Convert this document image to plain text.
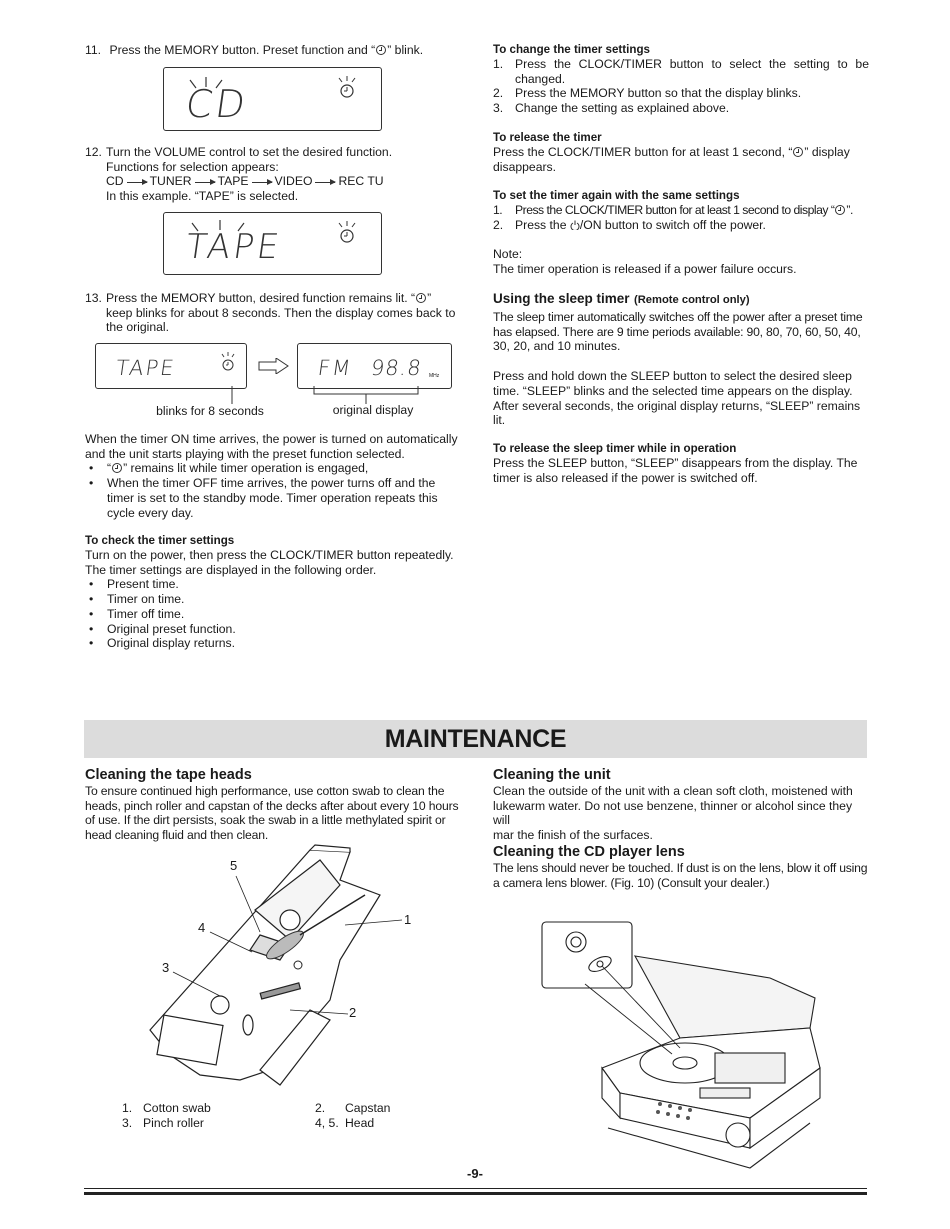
11. Press the MEMORY button. Preset function and “ ” blink.
CD
12. Turn the VOLUME control to set the desired function.
Functions for selection appears:
CD TUNER TAPE VIDEO REC TU
In this example. “TAPE” is selected.
TAPE
13. Press the MEMORY button, desired function remains lit. “ ”
keep blinks for about 8 seconds. Then the display comes back to
the original.
TAPE
blinks for 8 seconds
FM 98.8 MHz
original display
When the timer ON time arrives, the power is turned on automatically
and the unit starts playing with the preset function selected.
• “ ” remains lit while timer operation is engaged,
• When the timer OFF time arrives, the power turns off and the
timer is set to the standby mode. Timer operation repeats this
cycle every day.
To check the timer settings
Turn on the power, then press the CLOCK/TIMER button repeatedly.
The timer settings are displayed in the following order.
• Present time.
• Timer on time.
• Timer off time.
• Original preset function.
• Original display returns.
To change the timer settings
1. Press the CLOCK/TIMER button to select the setting to be
changed.
2. Press the MEMORY button so that the display blinks.
3. Change the setting as explained above.
To release the timer
Press the CLOCK/TIMER button for at least 1 second, “ ” display
disappears.
To set the timer again with the same settings
1. Press the CLOCK/TIMER button for at least 1 second to display “ ”.
2. Press the /ON button to switch off the power.
Note:
The timer operation is released if a power failure occurs.
Using the sleep timer (Remote control only)
The sleep timer automatically switches off the power after a preset time
has elapsed. There are 9 time periods available: 90, 80, 70, 60, 50, 40,
30, 20, and 10 minutes.
Press and hold down the SLEEP button to select the desired sleep
time. “SLEEP” blinks and the selected time appears on the display.
After several seconds, the original display returns, “SLEEP” remains
lit.
To release the sleep timer while in operation
Press the SLEEP button, “SLEEP” disappears from the display. The
timer is also released if the power is switched off.
MAINTENANCE
Cleaning the tape heads
To ensure continued high performance, use cotton swab to clean the
heads, pinch roller and capstan of the decks after about every 10 hours
of use. If the dirt persists, soak the swab in a little methylated spirit or
head cleaning fluid and then clean.
5
4
3
1
2
1. Cotton swab	2. Capstan
3. Pinch roller	4, 5. Head
Cleaning the unit
Clean the outside of the unit with a clean soft cloth, moistened with
lukewarm water. Do not use benzene, thinner or alcohol since they will
mar the finish of the surfaces.
Cleaning the CD player lens
The lens should never be touched. If dust is on the lens, blow it off using
a camera lens blower. (Fig. 10) (Consult your dealer.)
-9-
